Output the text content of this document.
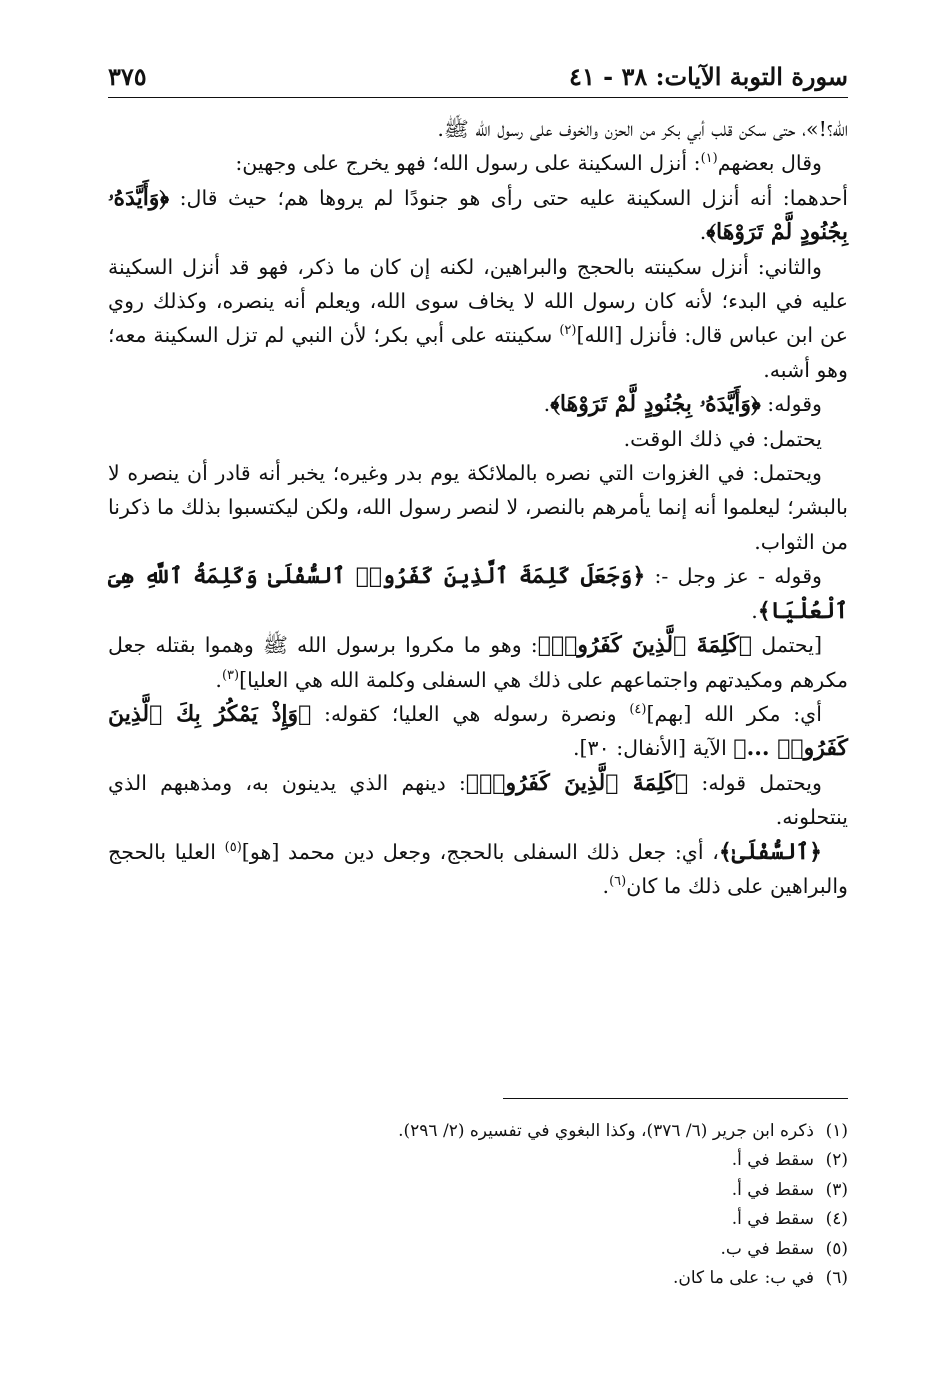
سورة التوبة الآيات: ٣٨ - ٤١
٣٧٥

الله؟!»، حتى سكن قلب أبي بكر من الحزن والخوف على رسول الله ﷺ.

وقال بعضهم$^{(١)}$: أنزل السكينة على رسول الله؛ فهو يخرج على وجهين:

أحدهما: أنه أنزل السكينة عليه حتى رأى هو جنودًا لم يروها هم؛ حيث قال: ﴿وَأَيَّدَهُۥ بِجُنُودٍ لَّمْ تَرَوْهَا﴾.

والثاني: أنزل سكينته بالحجج والبراهين، لكنه إن كان ما ذكر، فهو قد أنزل السكينة عليه في البدء؛ لأنه كان رسول الله لا يخاف سوى الله، ويعلم أنه ينصره، وكذلك روي عن ابن عباس قال: فأنزل [الله]$^{(٢)}$ سكينته على أبي بكر؛ لأن النبي لم تزل السكينة معه؛ وهو أشبه.

وقوله: ﴿وَأَيَّدَهُۥ بِجُنُودٍ لَّمْ تَرَوْهَا﴾.

يحتمل: في ذلك الوقت.

ويحتمل: في الغزوات التي نصره بالملائكة يوم بدر وغيره؛ يخبر أنه قادر أن ينصره لا بالبشر؛ ليعلموا أنه إنما يأمرهم بالنصر، لا لنصر رسول الله، ولكن ليكتسبوا بذلك ما ذكرنا من الثواب.

وقوله - عز وجل -: ﴿وَجَعَلَ كَلِمَةَ ٱلَّذِينَ كَفَرُوا۟ ٱلسُّفْلَىٰ وَكَلِمَةُ ٱللَّهِ هِىَ ٱلْعُلْيَا﴾.

[يحتمل ﴿كَلِمَةَ ٱلَّذِينَ كَفَرُوا۟﴾: وهو ما مكروا برسول الله ﷺ وهموا بقتله جعل مكرهم ومكيدتهم واجتماعهم على ذلك هي السفلى وكلمة الله هي العليا]$^{(٣)}$.

أي: مكر الله [بهم]$^{(٤)}$ ونصرة رسوله هي العليا؛ كقوله: ﴿وَإِذْ يَمْكُرُ بِكَ ٱلَّذِينَ كَفَرُوا۟ ...﴾ الآية [الأنفال: ٣٠].

ويحتمل قوله: ﴿كَلِمَةَ ٱلَّذِينَ كَفَرُوا۟﴾: دينهم الذي يدينون به، ومذهبهم الذي ينتحلونه.

﴿ٱلسُّفْلَىٰ﴾، أي: جعل ذلك السفلى بالحجج، وجعل دين محمد [هو]$^{(٥)}$ العليا بالحجج والبراهين على ذلك ما كان$^{(٦)}$.

(١)ذكره ابن جرير (٦/ ٣٧٦)، وكذا البغوي في تفسيره (٢/ ٢٩٦).

(٢)سقط في أ.

(٣)سقط في أ.

(٤)سقط في أ.

(٥)سقط في ب.

(٦)في ب: على ما كان.
